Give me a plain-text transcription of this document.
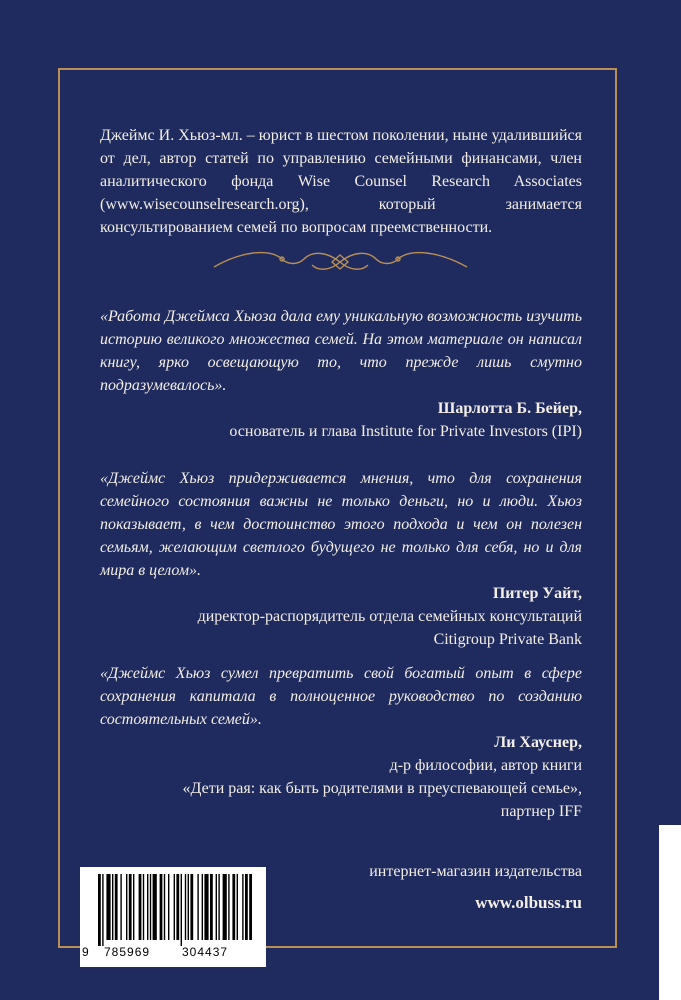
Джеймс И. Хьюз-мл. – юрист в шестом поколении, ныне удалившийся от дел, автор статей по управлению семейными финансами, член аналитического фонда Wise Counsel Research Associates (www.wisecounselresearch.org), который занимается консультированием семей по вопросам преемственности.

«Работа Джеймса Хьюза дала ему уникальную возможность изучить историю великого множества семей. На этом материале он написал книгу, ярко освещающую то, что прежде лишь смутно подразумевалось».

Шарлотта Б. Бейер,

основатель и глава Institute for Private Investors (IPI)

«Джеймс Хьюз придерживается мнения, что для сохранения семейного состояния важны не только деньги, но и люди. Хьюз показывает, в чем достоинство этого подхода и чем он полезен семьям, желающим светлого будущего не только для себя, но и для мира в целом».

Питер Уайт,

директор-распорядитель отдела семейных консультаций

Citigroup Private Bank

«Джеймс Хьюз сумел превратить свой богатый опыт в сфере сохранения капитала в полноценное руководство по созданию состоятельных семей».

Ли Хауснер,

д-р философии, автор книги

«Дети рая: как быть родителями в преуспевающей семье»,

партнер IFF

интернет-магазин издательства
www.olbuss.ru
9 785969	304437
